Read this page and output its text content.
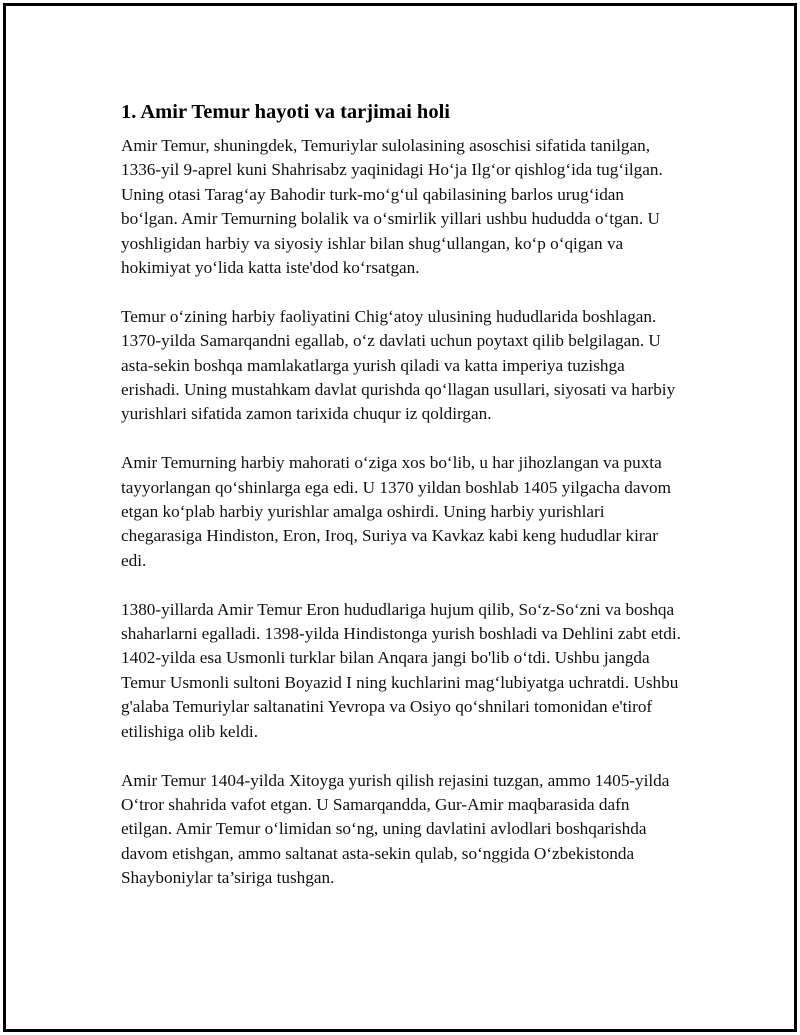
1. Amir Temur hayoti va tarjimai holi

Amir Temur, shuningdek, Temuriylar sulolasining asoschisi sifatida tanilgan, 1336-yil 9-aprel kuni Shahrisabz yaqinidagi Ho‘ja Ilg‘or qishlog‘ida tug‘ilgan. Uning otasi Tarag‘ay Bahodir turk-mo‘g‘ul qabilasining barlos urug‘idan bo‘lgan. Amir Temurning bolalik va o‘smirlik yillari ushbu hududda o‘tgan. U yoshligidan harbiy va siyosiy ishlar bilan shug‘ullangan, ko‘p o‘qigan va hokimiyat yo‘lida katta iste'dod ko‘rsatgan.

Temur o‘zining harbiy faoliyatini Chig‘atoy ulusining hududlarida boshlagan. 1370-yilda Samarqandni egallab, o‘z davlati uchun poytaxt qilib belgilagan. U asta-sekin boshqa mamlakatlarga yurish qiladi va katta imperiya tuzishga erishadi. Uning mustahkam davlat qurishda qo‘llagan usullari, siyosati va harbiy yurishlari sifatida zamon tarixida chuqur iz qoldirgan.

Amir Temurning harbiy mahorati o‘ziga xos bo‘lib, u har jihozlangan va puxta tayyorlangan qo‘shinlarga ega edi. U 1370 yildan boshlab 1405 yilgacha davom etgan ko‘plab harbiy yurishlar amalga oshirdi. Uning harbiy yurishlari chegarasiga Hindiston, Eron, Iroq, Suriya va Kavkaz kabi keng hududlar kirar edi.

1380-yillarda Amir Temur Eron hududlariga hujum qilib, So‘z-So‘zni va boshqa shaharlarni egalladi. 1398-yilda Hindistonga yurish boshladi va Dehlini zabt etdi. 1402-yilda esa Usmonli turklar bilan Anqara jangi bo'lib o‘tdi. Ushbu jangda Temur Usmonli sultoni Boyazid I ning kuchlarini mag‘lubiyatga uchratdi. Ushbu g'alaba Temuriylar saltanatini Yevropa va Osiyo qo‘shnilari tomonidan e'tirof etilishiga olib keldi.

Amir Temur 1404-yilda Xitoyga yurish qilish rejasini tuzgan, ammo 1405-yilda O‘tror shahrida vafot etgan. U Samarqandda, Gur-Amir maqbarasida dafn etilgan. Amir Temur o‘limidan so‘ng, uning davlatini avlodlari boshqarishda davom etishgan, ammo saltanat asta-sekin qulab, so‘nggida O‘zbekistonda Shayboniylar ta’siriga tushgan.
